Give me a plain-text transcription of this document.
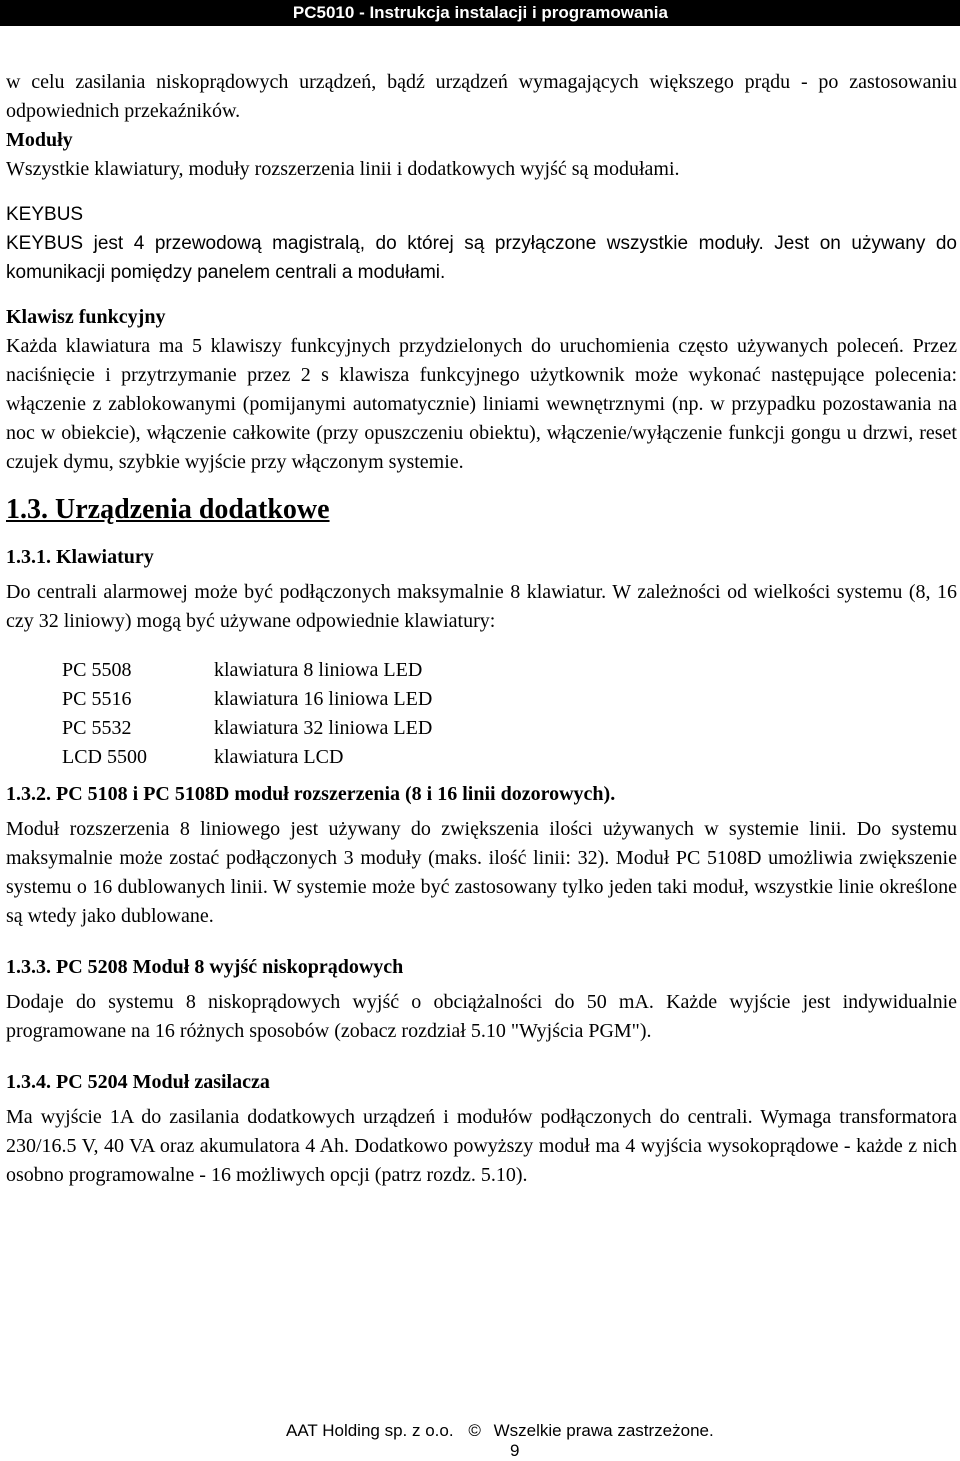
PC5010 - Instrukcja instalacji i programowania

w celu zasilania niskoprądowych urządzeń, bądź urządzeń wymagających większego prądu - po zastosowaniu odpowiednich przekaźników.

Moduły

Wszystkie klawiatury, moduły rozszerzenia linii i dodatkowych wyjść są modułami.

KEYBUS

KEYBUS jest 4 przewodową magistralą, do której są przyłączone wszystkie moduły. Jest on używany do komunikacji pomiędzy panelem centrali a modułami.

Klawisz funkcyjny

Każda klawiatura ma 5 klawiszy funkcyjnych przydzielonych do uruchomienia często używanych poleceń. Przez naciśnięcie i przytrzymanie przez 2 s klawisza funkcyjnego użytkownik może wykonać następujące polecenia: włączenie z zablokowanymi (pomijanymi automatycznie) liniami wewnętrznymi (np. w przypadku pozostawania na noc w obiekcie), włączenie całkowite (przy opuszczeniu obiektu), włączenie/wyłączenie funkcji gongu u drzwi, reset czujek dymu, szybkie wyjście przy włączonym systemie.

1.3. Urządzenia dodatkowe

1.3.1. Klawiatury

Do centrali alarmowej może być podłączonych maksymalnie 8 klawiatur. W zależności od wielkości systemu (8, 16 czy 32 liniowy) mogą być używane odpowiednie klawiatury:

PC 5508	klawiatura 8 liniowa LED
PC 5516	klawiatura 16 liniowa LED
PC 5532	klawiatura 32 liniowa LED
LCD 5500	klawiatura LCD

1.3.2. PC 5108 i PC 5108D moduł rozszerzenia (8 i 16 linii dozorowych).

Moduł rozszerzenia 8 liniowego jest używany do zwiększenia ilości używanych w systemie linii. Do systemu maksymalnie może zostać podłączonych 3 moduły (maks. ilość linii: 32). Moduł PC 5108D umożliwia zwiększenie systemu o 16 dublowanych linii. W systemie może być zastosowany tylko jeden taki moduł, wszystkie linie określone są wtedy jako dublowane.

1.3.3. PC 5208 Moduł 8 wyjść niskoprądowych

Dodaje do systemu 8 niskoprądowych wyjść o obciążalności do 50 mA. Każde wyjście jest indywidualnie programowane na 16 różnych sposobów (zobacz rozdział 5.10 "Wyjścia PGM").

1.3.4. PC 5204 Moduł zasilacza

Ma wyjście 1A do zasilania dodatkowych urządzeń i modułów podłączonych do centrali. Wymaga transformatora 230/16.5 V, 40 VA oraz akumulatora 4 Ah. Dodatkowo powyższy moduł ma 4 wyjścia wysokoprądowe - każde z nich osobno programowalne - 16 możliwych opcji (patrz rozdz. 5.10).

AAT Holding sp. z o.o. © Wszelkie prawa zastrzeżone.
9
